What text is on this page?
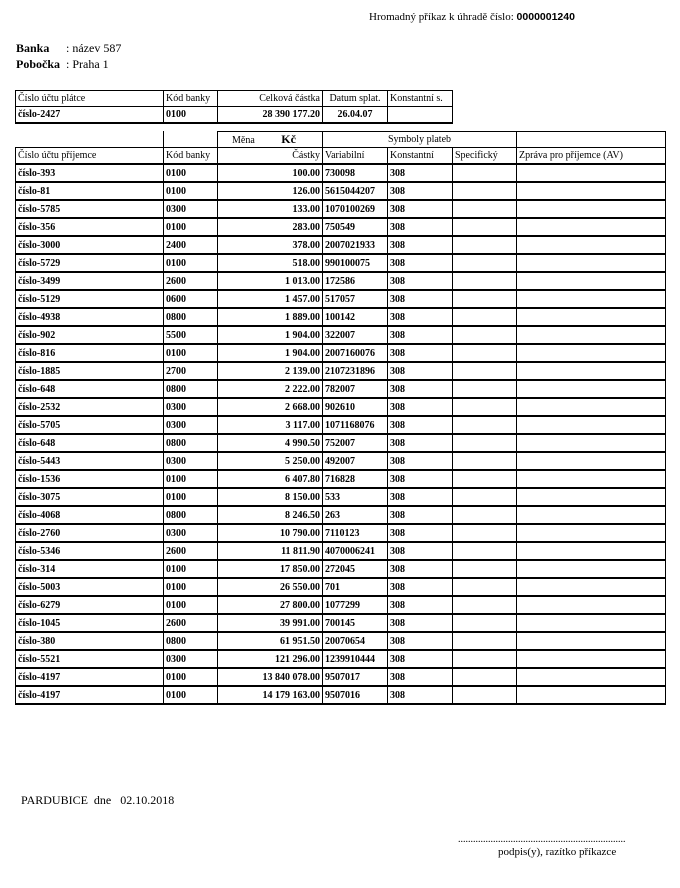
Hromadný příkaz k úhradě číslo: 0000001240
Banka : název 587
Pobočka : Praha 1
Číslo účtu plátce	Kód banky	Celková částka	Datum splat.	Konstantní s.
číslo-2427	0100	28 390 177.20	26.04.07	
		Měna Kč	Symboly plateb			
Číslo účtu příjemce	Kód banky	Částky	Variabilní	Konstantní	Specifický	Zpráva pro příjemce (AV)
číslo-393	0100	100.00	730098	308		
číslo-81	0100	126.00	5615044207	308		
číslo-5785	0300	133.00	1070100269	308		
číslo-356	0100	283.00	750549	308		
číslo-3000	2400	378.00	2007021933	308		
číslo-5729	0100	518.00	990100075	308		
číslo-3499	2600	1 013.00	172586	308		
číslo-5129	0600	1 457.00	517057	308		
číslo-4938	0800	1 889.00	100142	308		
číslo-902	5500	1 904.00	322007	308		
číslo-816	0100	1 904.00	2007160076	308		
číslo-1885	2700	2 139.00	2107231896	308		
číslo-648	0800	2 222.00	782007	308		
číslo-2532	0300	2 668.00	902610	308		
číslo-5705	0300	3 117.00	1071168076	308		
číslo-648	0800	4 990.50	752007	308		
číslo-5443	0300	5 250.00	492007	308		
číslo-1536	0100	6 407.80	716828	308		
číslo-3075	0100	8 150.00	533	308		
číslo-4068	0800	8 246.50	263	308		
číslo-2760	0300	10 790.00	7110123	308		
číslo-5346	2600	11 811.90	4070006241	308		
číslo-314	0100	17 850.00	272045	308		
číslo-5003	0100	26 550.00	701	308		
číslo-6279	0100	27 800.00	1077299	308		
číslo-1045	2600	39 991.00	700145	308		
číslo-380	0800	61 951.50	20070654	308		
číslo-5521	0300	121 296.00	1239910444	308		
číslo-4197	0100	13 840 078.00	9507017	308		
číslo-4197	0100	14 179 163.00	9507016	308		
PARDUBICE  dne   02.10.2018
...................................................................
podpis(y), razítko příkazce
